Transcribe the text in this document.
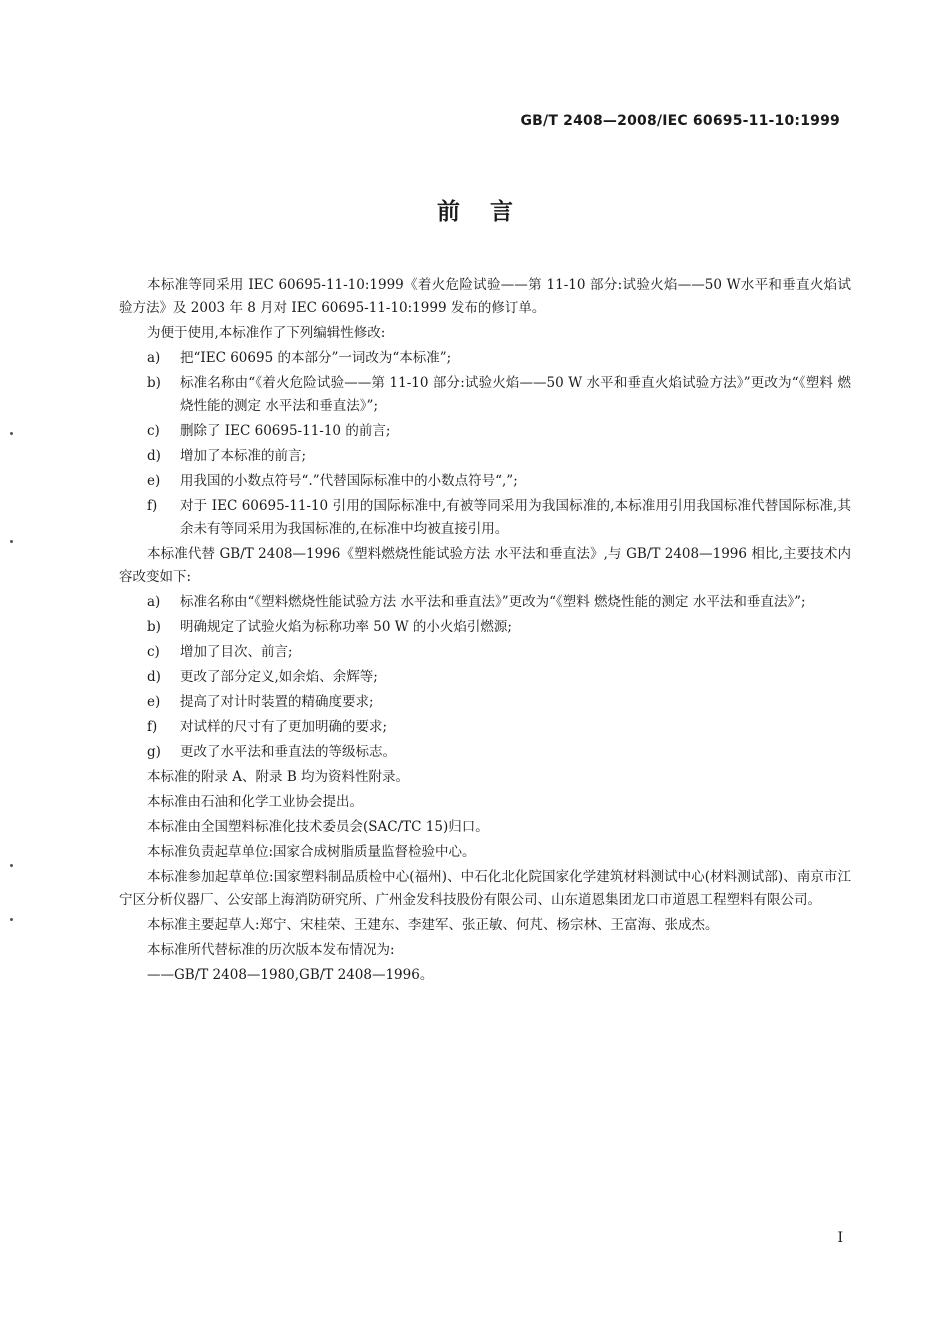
GB/T 2408—2008/IEC 60695-11-10:1999
前言

本标准等同采用 IEC 60695-11-10:1999《着火危险试验——第 11-10 部分:试验火焰——50 W水平和垂直火焰试验方法》及 2003 年 8 月对 IEC 60695-11-10:1999 发布的修订单。

为便于使用,本标准作了下列编辑性修改:

a)	把“IEC 60695 的本部分”一词改为“本标准”;
b)	标准名称由“《着火危险试验——第 11-10 部分:试验火焰——50 W 水平和垂直火焰试验方法》”更改为“《塑料 燃烧性能的测定 水平法和垂直法》”;
c)	删除了 IEC 60695-11-10 的前言;
d)	增加了本标准的前言;
e)	用我国的小数点符号“.”代替国际标准中的小数点符号“,”;
f)	对于 IEC 60695-11-10 引用的国际标准中,有被等同采用为我国标准的,本标准用引用我国标准代替国际标准,其余未有等同采用为我国标准的,在标准中均被直接引用。

本标准代替 GB/T 2408—1996《塑料燃烧性能试验方法 水平法和垂直法》,与 GB/T 2408—1996 相比,主要技术内容改变如下:

a)	标准名称由“《塑料燃烧性能试验方法 水平法和垂直法》”更改为“《塑料 燃烧性能的测定 水平法和垂直法》”;
b)	明确规定了试验火焰为标称功率 50 W 的小火焰引燃源;
c)	增加了目次、前言;
d)	更改了部分定义,如余焰、余辉等;
e)	提高了对计时装置的精确度要求;
f)	对试样的尺寸有了更加明确的要求;
g)	更改了水平法和垂直法的等级标志。

本标准的附录 A、附录 B 均为资料性附录。

本标准由石油和化学工业协会提出。

本标准由全国塑料标准化技术委员会(SAC/TC 15)归口。

本标准负责起草单位:国家合成树脂质量监督检验中心。

本标准参加起草单位:国家塑料制品质检中心(福州)、中石化北化院国家化学建筑材料测试中心(材料测试部)、南京市江宁区分析仪器厂、公安部上海消防研究所、广州金发科技股份有限公司、山东道恩集团龙口市道恩工程塑料有限公司。

本标准主要起草人:郑宁、宋桂荣、王建东、李建军、张正敏、何芃、杨宗林、王富海、张成杰。

本标准所代替标准的历次版本发布情况为:

——GB/T 2408—1980,GB/T 2408—1996。

I
